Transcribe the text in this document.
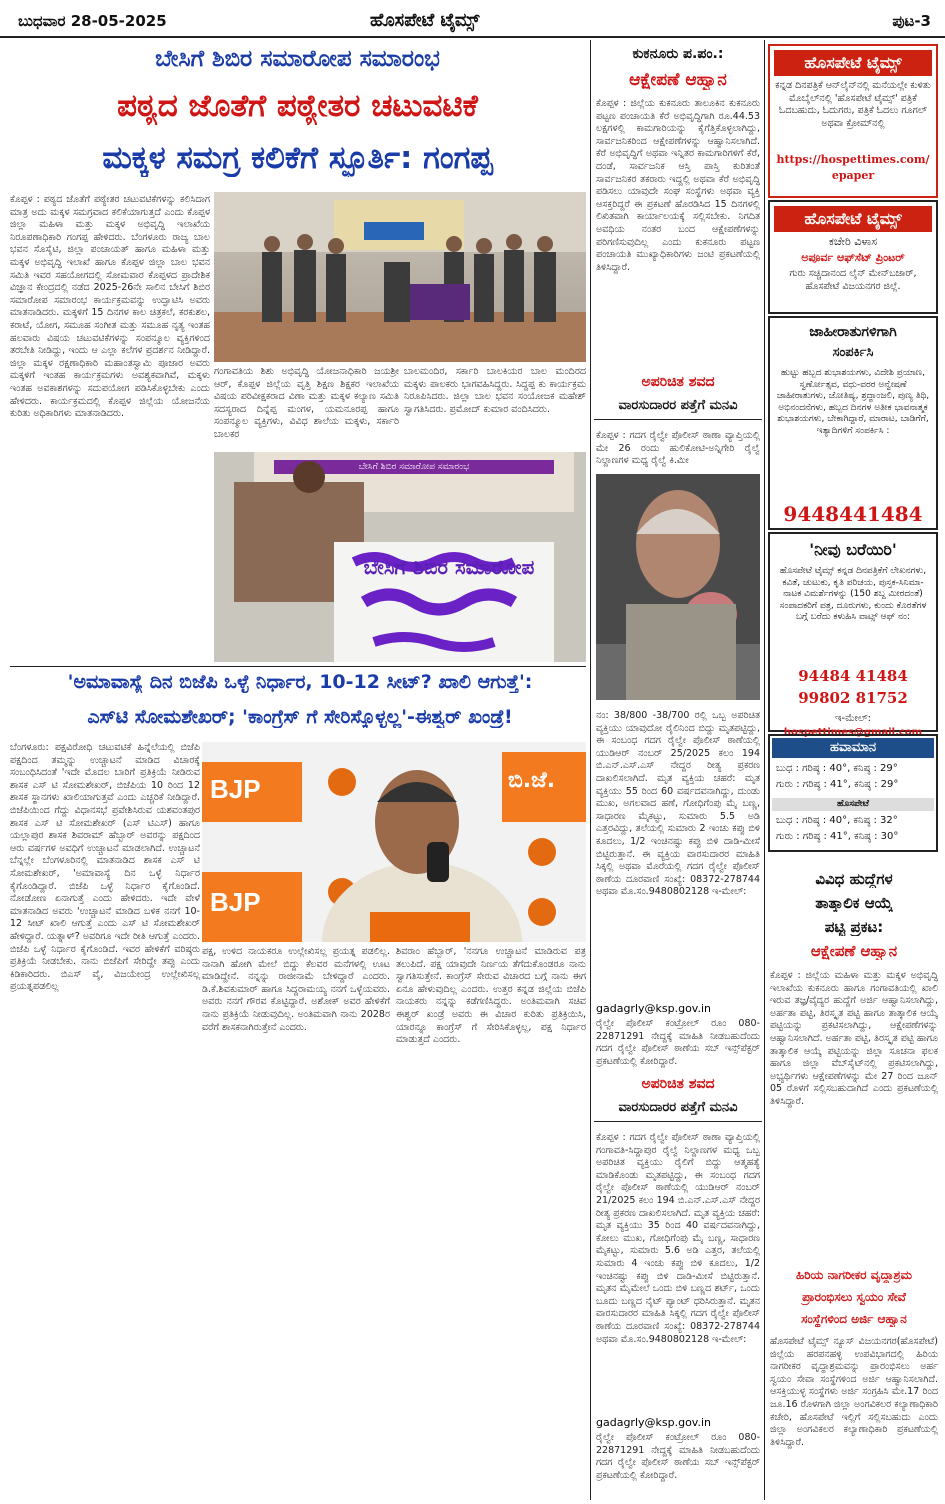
ಬುಧವಾರ 28-05-2025	ಹೊಸಪೇಟೆ ಟೈಮ್ಸ್	ಪುಟ-3
ಬೇಸಿಗೆ ಶಿಬಿರ ಸಮಾರೋಪ ಸಮಾರಂಭ
ಪಠ್ಯದ ಜೊತೆಗೆ ಪಠ್ಯೇತರ ಚಟುವಟಿಕೆ
ಮಕ್ಕಳ ಸಮಗ್ರ ಕಲಿಕೆಗೆ ಸ್ಫೂರ್ತಿ: ಗಂಗಪ್ಪ
ಕೊಪ್ಪಳ : ಪಠ್ಯದ ಜೊತೆಗೆ ಪಠ್ಯೇತರ ಚಟುವಟಿಕೆಗಳನ್ನು ಕಲಿಸಿದಾಗ ಮಾತ್ರ ಅದು ಮಕ್ಕಳ ಸಮಗ್ರವಾದ ಕಲಿಕೆಯಾಗುತ್ತದೆ ಎಂದು ಕೊಪ್ಪಳ ಜಿಲ್ಲಾ ಮಹಿಳಾ ಮತ್ತು ಮಕ್ಕಳ ಅಭಿವೃದ್ಧಿ ಇಲಾಖೆಯ ನಿರೂಪಣಾಧಿಕಾರಿ ಗಂಗಪ್ಪ ಹೇಳಿದರು. ಬೆಂಗಳೂರು ರಾಜ್ಯ ಬಾಲ ಭವನ ಸೊಸೈಟಿ, ಜಿಲ್ಲಾ ಪಂಚಾಯತ್ ಹಾಗೂ ಮಹಿಳಾ ಮತ್ತು ಮಕ್ಕಳ ಅಭಿವೃದ್ಧಿ ಇಲಾಖೆ ಹಾಗೂ ಕೊಪ್ಪಳ ಜಿಲ್ಲಾ ಬಾಲ ಭವನ ಸಮಿತಿ ಇವರ ಸಹಯೋಗದಲ್ಲಿ ಸೋಮವಾರ ಕೊಪ್ಪಳದ ಪ್ರಾದೇಶಿಕ ವಿಜ್ಞಾನ ಕೇಂದ್ರದಲ್ಲಿ ನಡೆದ 2025-26ನೇ ಸಾಲಿನ ಬೇಸಿಗೆ ಶಿಬಿರ ಸಮಾರೋಪ ಸಮಾರಂಭ ಕಾರ್ಯಕ್ರಮವನ್ನು ಉದ್ಘಾಟಿಸಿ ಅವರು ಮಾತನಾಡಿದರು. ಮಕ್ಕಳಿಗೆ 15 ದಿನಗಳ ಕಾಲ ಚಿತ್ರಕಲೆ, ಕರಕುಶಲ, ಕರಾಟೆ, ಯೋಗ, ಸಮೂಹ ಸಂಗೀತ ಮತ್ತು ಸಮೂಹ ನೃತ್ಯ ಇಂತಹ ಹಲವಾರು ವಿಷಯ ಚಟುವಟಿಕೆಗಳನ್ನು ಸಂಪನ್ಮೂಲ ವ್ಯಕ್ತಿಗಳಿಂದ ತರಬೇತಿ ನೀಡಿದ್ದು, ಇಂದು ಆ ಎಲ್ಲಾ ಕಲೆಗಳ ಪ್ರದರ್ಶನ ನೀಡಿದ್ದಾರೆ. ಜಿಲ್ಲಾ ಮಕ್ಕಳ ರಕ್ಷಣಾಧಿಕಾರಿ ಮಹಾಂತಸ್ವಾಮಿ ಪೂಜಾರ ಅವರು ಮಕ್ಕಳಿಗೆ ಇಂತಹ ಕಾರ್ಯಕ್ರಮಗಳು ಅವಶ್ಯಕವಾಗಿವೆ, ಮಕ್ಕಳು ಇಂತಹ ಅವಕಾಶಗಳನ್ನು ಸದುಪಯೋಗ ಪಡಿಸಿಕೊಳ್ಳಬೇಕು ಎಂದು ಹೇಳಿದರು. ಕಾರ್ಯಕ್ರಮದಲ್ಲಿ ಕೊಪ್ಪಳ ಜಿಲ್ಲೆಯ ಯೋಜನೆಯ ಕುರಿತು ಅಧಿಕಾರಿಗಳು ಮಾತನಾಡಿದರು.
ಗಂಗಾವತಿಯ ಶಿಶು ಅಭಿವೃದ್ಧಿ ಯೋಜನಾಧಿಕಾರಿ ಜಯಶ್ರೀ ಆರ್, ಕೊಪ್ಪಳ ಜಿಲ್ಲೆಯ ವೃತ್ತಿ ಶಿಕ್ಷಣ ಶಿಕ್ಷಕರ ಇಲಾಖೆಯ ವಿಷಯ ಪರಿವೀಕ್ಷಕರಾದ ವಿಣಾ ಮತ್ತು ಮಕ್ಕಳ ಕಲ್ಯಾಣ ಸಮಿತಿ ಸದಸ್ಯರಾದ ದಿನ್ನೆಪ್ಪ ಮಂಗಳ, ಯಮನೂರಪ್ಪ ಹಾಗೂ ಸಂಪನ್ಮೂಲ ವ್ಯಕ್ತಿಗಳು, ವಿವಿಧ ಶಾಲೆಯ ಮಕ್ಕಳು, ಸರ್ಕಾರಿ ಬಾಲಕರ
ಬಾಲಮಂದಿರ, ಸರ್ಕಾರಿ ಬಾಲಕಿಯರ ಬಾಲ ಮಂದಿರದ ಮಕ್ಕಳು ಪಾಲಕರು ಭಾಗವಹಿಸಿದ್ದರು. ಸಿದ್ದಪ್ಪ ಕು ಕಾರ್ಯಕ್ರಮ ನಿರೂಪಿಸಿದರು. ಜಿಲ್ಲಾ ಬಾಲ ಭವನ ಸಂಯೋಜಕ ಮಹೇಶ್ ಸ್ವಾಗತಿಸಿದರು. ಪ್ರಮೋದ್ ಕುಮಾರ ವಂದಿಸಿದರು.
ಬೇಸಿಗೆ ಶಿಬಿರ ಸಮಾರೋಪ
ಬೇಸಿಗೆ ಶಿಬಿರ ಸಮಾರೋಪ ಸಮಾರಂಭ
'ಅಮಾವಾಸ್ಯೆ ದಿನ ಬಿಜೆಪಿ ಒಳ್ಳೆ ನಿರ್ಧಾರ, 10-12 ಸೀಟ್? ಖಾಲಿ ಆಗುತ್ತೆ':
ಎಸ್‌ಟಿ ಸೋಮಶೇಖರ್; 'ಕಾಂಗ್ರೆಸ್ ಗೆ ಸೇರಿಸ್ಕೊಳ್ಳಲ್ಲ'-ಈಶ್ವರ್ ಖಂಡ್ರೆ!
ಬೆಂಗಳೂರು: ಪಕ್ಷವಿರೋಧಿ ಚಟುವಟಿಕೆ ಹಿನ್ನೆಲೆಯಲ್ಲಿ ಬಿಜೆಪಿ ಪಕ್ಷದಿಂದ ತಮ್ಮನ್ನು ಉಚ್ಚಾಟನೆ ಮಾಡಿದ ವಿಚಾರಕ್ಕೆ ಸಂಬಂಧಿಸಿದಂತೆ 'ಇದೇ ಮೊದಲ ಬಾರಿಗೆ ಪ್ರತಿಕ್ರಿಯೆ ನೀಡಿರುವ ಶಾಸಕ ಎಸ್ ಟಿ ಸೋಮಶೇಖರ್, ಬಿಜೆಪಿಯ 10 ರಿಂದ 12 ಶಾಸಕ ಸ್ಥಾನಗಳು ಖಾಲಿಯಾಗುತ್ತವೆ ಎಂದು ಎಚ್ಚರಿಕೆ ನೀಡಿದ್ದಾರೆ. ಬಿಜೆಪಿಯಿಂದ ಗೆದ್ದು ವಿಧಾನಸಭೆ ಪ್ರವೇಶಿಸಿರುವ ಯಶವಂತಪುರ ಶಾಸಕ ಎಸ್ ಟಿ ಸೋಮಶೇಖರ್ (ಎಸ್ ಟಿಎಸ್) ಹಾಗೂ ಯಲ್ಲಾಪುರ ಶಾಸಕ ಶಿವರಾಮ್ ಹೆಬ್ಬಾರ್ ಅವರನ್ನು ಪಕ್ಷದಿಂದ ಆರು ವರ್ಷಗಳ ಅವಧಿಗೆ ಉಚ್ಚಾಟನೆ ಮಾಡಲಾಗಿದೆ. ಉಚ್ಚಾಟನೆ ಬೆನ್ನಲ್ಲೇ ಬೆಂಗಳೂರಿನಲ್ಲಿ ಮಾತನಾಡಿದ ಶಾಸಕ ಎಸ್ ಟಿ ಸೋಮಶೇಖರ್, 'ಅಮಾವಾಸ್ಯೆ ದಿನ ಒಳ್ಳೆ ನಿರ್ಧಾರ ಕೈಗೊಂಡಿದ್ದಾರೆ. ಬಿಜೆಪಿ ಒಳ್ಳೆ ನಿರ್ಧಾರ ಕೈಗೊಂಡಿದೆ. ನೋಡೋಣ ಏನಾಗುತ್ತೆ ಎಂದು ಹೇಳಿದರು. ಇದೇ ವೇಳೆ ಮಾತನಾಡಿದ ಅವರು 'ಉಚ್ಚಾಟನೆ ಮಾಡಿದ ಬಳಿಕ ನನಗೆ 10-12 ಸೀಟ್ ಖಾಲಿ ಆಗುತ್ತೆ ಎಂದು ಎಸ್ ಟಿ ಸೋಮಶೇಖರ್ ಹೇಳಿದ್ದಾರೆ. ಯತ್ನಾಳ್? ಅವರಿಗೂ ಇದೇ ರೀತಿ ಆಗುತ್ತೆ ಎಂದರು. ಬಿಜೆಪಿ ಒಳ್ಳೆ ನಿರ್ಧಾರ ಕೈಗೊಂಡಿದೆ. ಇವರ ಹೇಳಿಕೆಗೆ ವರಿಷ್ಠರು ಪ್ರತಿಕ್ರಿಯೆ ನೀಡಬೇಕು. ನಾನು ಬಿಜೆಪಿಗೆ ಸೇರಿದ್ದೇ ತಪ್ಪು ಎಂದು ಕಿಡಿಕಾರಿದರು. ಬಿಎಸ್ ವೈ, ವಿಜಯೇಂದ್ರ ಉಲ್ಲೇಖಿಸಲ್ಲ ಪ್ರಯತ್ನಪಡಲಿಲ್ಲ
BJP
BJP
ಬಿ.ಜೆ.
ಪಕ್ಷ, ಉಳಿದ ನಾಯಕರೂ ಉಲ್ಲೇಖಿಸಲ್ಲ ಪ್ರಯತ್ನ ಪಡಲಿಲ್ಲ. ನಾನಾಗಿ ಹೋಗಿ ಮೇಲೆ ಬಿದ್ದು ಕೆಲವರ ಮನೆಗಳಲ್ಲಿ ಊಟ ಮಾಡಿದ್ದೇನೆ. ನನ್ನನ್ನು ರಾಜೀನಾಮೆ ಬೇಳಿದ್ದಾರೆ ಎಂದರು. ಡಿ.ಕೆ.ಶಿವಕುಮಾರ್ ಹಾಗೂ ಸಿದ್ದರಾಮಯ್ಯ ನನಗೆ ಒಳ್ಳೆಯವರು. ಅವರು ನನಗೆ ಗೌರವ ಕೊಟ್ಟಿದ್ದಾರೆ. ಅಶೋಕ್ ಅವರ ಹೇಳಿಕೆಗೆ ನಾನು ಪ್ರತಿಕ್ರಿಯೆ ನೀಡುವುದಿಲ್ಲ. ಅಂತಿಮವಾಗಿ ನಾನು 2028ರ ವರೆಗೆ ಶಾಸಕನಾಗಿರುತ್ತೇನೆ ಎಂದರು.
ಶಿವರಾಂ ಹೆಬ್ಬಾರ್, 'ನನಗೂ ಉಚ್ಚಾಟನೆ ಮಾಡಿರುವ ಪತ್ರ ತಲುಪಿದೆ. ಪಕ್ಷ ಯಾವುದೇ ನಿರ್ಣಯ ತೆಗೆದುಕೊಂಡರೂ ನಾನು ಸ್ವಾಗತಿಸುತ್ತೇನೆ. ಕಾಂಗ್ರೆಸ್ ಸೇರುವ ವಿಚಾರದ ಬಗ್ಗೆ ನಾನು ಈಗ ಏನೂ ಹೇಳುವುದಿಲ್ಲ ಎಂದರು. ಉತ್ತರ ಕನ್ನಡ ಜಿಲ್ಲೆಯ ಬಿಜೆಪಿ ನಾಯಕರು ನನ್ನನ್ನು ಕಡೆಗಣಿಸಿದ್ದರು. ಅಂತಿಮವಾಗಿ ಸಚಿವ ಈಶ್ವರ್ ಖಂಡ್ರೆ ಅವರು ಈ ವಿಚಾರ ಕುರಿತು ಪ್ರತಿಕ್ರಿಯಿಸಿ, ಯಾರನ್ನೂ ಕಾಂಗ್ರೆಸ್ ಗೆ ಸೇರಿಸಿಕೊಳ್ಳಲ್ಲ, ಪಕ್ಷ ನಿರ್ಧಾರ ಮಾಡುತ್ತದೆ ಎಂದರು.
ಕುಕನೂರು ಪ.ಪಂ.:
ಆಕ್ಷೇಪಣೆ ಆಹ್ವಾನ
ಕೊಪ್ಪಳ : ಜಿಲ್ಲೆಯ ಕುಕನೂರು ತಾಲೂಕಿನ ಕುಕನೂರು ಪಟ್ಟಣ ಪಂಚಾಯತಿ ಕೆರೆ ಅಭಿವೃದ್ಧಿಗಾಗಿ ರೂ.44.53 ಲಕ್ಷಗಳಲ್ಲಿ ಕಾಮಗಾರಿಯನ್ನು ಕೈಗೆತ್ತಿಕೊಳ್ಳಲಾಗಿದ್ದು, ಸಾರ್ವಜನಿಕರಿಂದ ಆಕ್ಷೇಪಣೆಗಳನ್ನು ಆಹ್ವಾನಿಸಲಾಗಿದೆ. ಕೆರೆ ಅಭಿವೃದ್ಧಿಗೆ ಅಥವಾ ಇನ್ನಿತರ ಕಾಮಗಾರಿಗಳಿಗೆ ಕೆರೆ, ದಂಡೆ, ಸಾರ್ವಜನಿಕ ಆಸ್ತಿ ಪಾಸ್ತಿ ಕುರಿತಂತೆ ಸಾರ್ವಜನಿಕರ ತಕರಾರು ಇದ್ದಲ್ಲಿ ಅಥವಾ ಕೆರೆ ಅಭಿವೃದ್ಧಿ ಪಡಿಸಲು ಯಾವುದೇ ಸಂಘ ಸಂಸ್ಥೆಗಳು ಅಥವಾ ವ್ಯಕ್ತಿ ಆಸಕ್ತರಿದ್ದರೆ ಈ ಪ್ರಕಟಣೆ ಹೊರಡಿಸಿದ 15 ದಿನಗಳಲ್ಲಿ ಲಿಖಿತವಾಗಿ ಕಾರ್ಯಾಲಯಕ್ಕೆ ಸಲ್ಲಿಸಬೇಕು. ನಿಗದಿತ ಅವಧಿಯ ನಂತರ ಬಂದ ಆಕ್ಷೇಪಣೆಗಳನ್ನು ಪರಿಗಣಿಸುವುದಿಲ್ಲ ಎಂದು ಕುಕನೂರು ಪಟ್ಟಣ ಪಂಚಾಯತಿ ಮುಖ್ಯಾಧಿಕಾರಿಗಳು ಜಂಟಿ ಪ್ರಕಟಣೆಯಲ್ಲಿ ತಿಳಿಸಿದ್ದಾರೆ.
ಅಪರಿಚಿತ ಶವದ
ವಾರಸುದಾರರ ಪತ್ತೆಗೆ ಮನವಿ
ಕೊಪ್ಪಳ : ಗದಗ ರೈಲ್ವೇ ಪೊಲೀಸ್ ಠಾಣಾ ವ್ಯಾಪ್ತಿಯಲ್ಲಿ ಮೇ 26 ರಂದು ಹುಲಿಕೋಟಿ-ಅನ್ನಿಗೇರಿ ರೈಲ್ವೆ ನಿಲ್ದಾಣಗಳ ಮಧ್ಯ ರೈಲ್ವೆ ಕಿ.ಮೀ
ನಂ: 38/800 -38/700 ರಲ್ಲಿ ಒಬ್ಬ ಅಪರಿಚಿತ ವ್ಯಕ್ತಿಯು ಯಾವುದೋ ರೈಲಿನಿಂದ ಬಿದ್ದು ಮೃತಪಟ್ಟಿದ್ದು, ಈ ಸಂಬಂಧ ಗದಗ ರೈಲ್ವೇ ಪೊಲೀಸ್ ಠಾಣೆಯಲ್ಲಿ ಯುಡಿಆರ್ ನಂಬರ್ 25/2025 ಕಲಂ 194 ಬಿ.ಎನ್.ಎಸ್.ಎಸ್ ನೇದ್ದರ ರೀತ್ಯ ಪ್ರಕರಣ ದಾಖಲಿಸಲಾಗಿದೆ. ಮೃತ ವ್ಯಕ್ತಿಯ ಚಹರೆ: ಮೃತ ವ್ಯಕ್ತಿಯು 55 ರಿಂದ 60 ವರ್ಷದವನಾಗಿದ್ದು, ದುಂಡು ಮುಖ, ಅಗಲವಾದ ಹಣೆ, ಗೋಧಿಗೆಂಪು ಮೈ ಬಣ್ಣ, ಸಾಧಾರಣ ಮೈಕಟ್ಟು, ಸುಮಾರು 5.5 ಅಡಿ ಎತ್ತರವಿದ್ದು, ತಲೆಯಲ್ಲಿ ಸುಮಾರು 2 ಇಂಚು ಕಪ್ಪು ಬಿಳಿ ಕೂದಲು, 1/2 ಇಂಚಿನಷ್ಟು ಕಪ್ಪು ಬಿಳಿ ದಾಡಿ-ಮೀಸೆ ಬಿಟ್ಟಿರುತ್ತಾನೆ. ಈ ವ್ಯಕ್ತಿಯ ವಾರಸುದಾರರ ಮಾಹಿತಿ ಸಿಕ್ಕಲ್ಲಿ ಅಥವಾ ಮೊರೆಯಲ್ಲಿ ಗದಗ ರೈಲ್ವೇ ಪೊಲೀಸ್ ಠಾಣೆಯ ದೂರವಾಣಿ ಸಂಖ್ಯೆ: 08372-278744 ಅಥವಾ ಮೊ.ಸಂ.9480802128 ಇ-ಮೇಲ್:
gadagrly@ksp.gov.in
ರೈಲ್ವೇ ಪೊಲೀಸ್ ಕಂಟ್ರೋಲ್ ರೂಂ 080-22871291 ನೇದ್ದಕ್ಕೆ ಮಾಹಿತಿ ನೀಡಬಹುದೆಂದು ಗದಗ ರೈಲ್ವೇ ಪೊಲೀಸ್ ಠಾಣೆಯ ಸಬ್ ಇನ್ಸ್‌ಪೆಕ್ಟರ್ ಪ್ರಕಟಣೆಯಲ್ಲಿ ಕೋರಿದ್ದಾರೆ.
ಅಪರಿಚಿತ ಶವದ
ವಾರಸುದಾರರ ಪತ್ತೆಗೆ ಮನವಿ
ಕೊಪ್ಪಳ : ಗದಗ ರೈಲ್ವೇ ಪೊಲೀಸ್ ಠಾಣಾ ವ್ಯಾಪ್ತಿಯಲ್ಲಿ ಗಂಗಾವತಿ-ಸಿದ್ದಾಪುರ ರೈಲ್ವೆ ನಿಲ್ದಾಣಗಳ ಮಧ್ಯ ಒಬ್ಬ ಅಪರಿಚಿತ ವ್ಯಕ್ತಿಯು ರೈಲಿಗೆ ಬಿದ್ದು ಆತ್ಮಹತ್ಯೆ ಮಾಡಿಕೊಂಡು ಮೃತಪಟ್ಟಿದ್ದು, ಈ ಸಂಬಂಧ ಗದಗ ರೈಲ್ವೇ ಪೊಲೀಸ್ ಠಾಣೆಯಲ್ಲಿ ಯುಡಿಆರ್ ನಂಬರ್ 21/2025 ಕಲಂ 194 ಬಿ.ಎನ್.ಎಸ್.ಎಸ್ ನೇದ್ದರ ರೀತ್ಯ ಪ್ರಕರಣ ದಾಖಲಿಸಲಾಗಿದೆ. ಮೃತ ವ್ಯಕ್ತಿಯ ಚಹರೆ: ಮೃತ ವ್ಯಕ್ತಿಯು 35 ರಿಂದ 40 ವರ್ಷದವನಾಗಿದ್ದು, ಕೋಲು ಮುಖ, ಗೋಧಿಗೆಂಪು ಮೈ ಬಣ್ಣ, ಸಾಧಾರಣ ಮೈಕಟ್ಟು, ಸುಮಾರು 5.6 ಅಡಿ ಎತ್ತರ, ತಲೆಯಲ್ಲಿ ಸುಮಾರು 4 ಇಂಚು ಕಪ್ಪು ಬಿಳಿ ಕೂದಲು, 1/2 ಇಂಚಿನಷ್ಟು ಕಪ್ಪು ಬಿಳಿ ದಾಡಿ-ಮೀಸೆ ಬಿಟ್ಟಿರುತ್ತಾನೆ. ಮೃತನ ಮೈಮೇಲೆ ಒಂದು ಬಿಳಿ ಬಣ್ಣದ ಶರ್ಟ್, ಒಂದು ಬೂದು ಬಣ್ಣದ ನೈಟ್ ಪ್ಯಾಂಟ್ ಧರಿಸಿರುತ್ತಾನೆ. ಮೃತನ ವಾರಸುದಾರರ ಮಾಹಿತಿ ಸಿಕ್ಕಲ್ಲಿ ಗದಗ ರೈಲ್ವೇ ಪೊಲೀಸ್ ಠಾಣೆಯ ದೂರವಾಣಿ ಸಂಖ್ಯೆ: 08372-278744 ಅಥವಾ ಮೊ.ಸಂ.9480802128 ಇ-ಮೇಲ್:
gadagrly@ksp.gov.in
ರೈಲ್ವೇ ಪೊಲೀಸ್ ಕಂಟ್ರೋಲ್ ರೂಂ 080-22871291 ನೇದ್ದಕ್ಕೆ ಮಾಹಿತಿ ನೀಡಬಹುದೆಂದು ಗದಗ ರೈಲ್ವೇ ಪೊಲೀಸ್ ಠಾಣೆಯ ಸಬ್ ಇನ್ಸ್‌ಪೆಕ್ಟರ್ ಪ್ರಕಟಣೆಯಲ್ಲಿ ಕೋರಿದ್ದಾರೆ.
ಹೊಸಪೇಟೆ ಟೈಮ್ಸ್
ಕನ್ನಡ ದಿನಪತ್ರಿಕೆ ಆನ್‌ಲೈನ್‌ನಲ್ಲಿ ಮನೆಯಲ್ಲೇ ಕುಳಿತು ಮೊಬೈಲ್‌ನಲ್ಲಿ 'ಹೊಸಪೇಟೆ ಟೈಮ್ಸ್' ಪತ್ರಿಕೆ ಓದಬಹುದು, ಓದುಗರು, ಪತ್ರಿಕೆ ಓದಲು ಗೂಗಲ್ ಅಥವಾ ಕ್ರೋಮ್‌ನಲ್ಲಿ
https://hospettimes.com/
epaper
ಹೊಸಪೇಟೆ ಟೈಮ್ಸ್
ಕಚೇರಿ ವಿಳಾಸ
ಅಪೂರ್ವ ಆಫ್‌ಸೆಟ್ ಪ್ರಿಂಟರ್
ಗುರು ಸಚ್ಚಿದಾನಂದ ಲೈನ್ ಮೇನ್‌ಬಜಾರ್, ಹೊಸಪೇಟೆ ವಿಜಯನಗರ ಜಿಲ್ಲೆ.
ಜಾಹೀರಾತುಗಳಿಗಾಗಿ
ಸಂಪರ್ಕಿಸಿ
ಹುಟ್ಟು ಹಬ್ಬದ ಶುಭಾಶಯಗಳು, ವಿದೇಶಿ ಪ್ರಯಾಣ, ಸ್ವರ್ಣೋತ್ಸವ, ವಧು-ವರರ ಅನ್ವೇಷಣೆ ಜಾಹೀರಾತುಗಳು, ಜೋತಿಷ್ಯ, ಶ್ರದ್ಧಾಂಜಲಿ, ಪುಣ್ಯ ತಿಥಿ, ಅಭಿನಂದನೆಗಳು, ಹಬ್ಬದ ದಿನಗಳ ಅತೀಕ ಭಾವನಾತ್ಮಕ ಶುಭಾಶಯಗಳು, ಬೇಕಾಗಿದ್ದಾರೆ, ಮಾರಾಟ, ಬಾಡಿಗೆಗೆ, ಇತ್ಯಾದಿಗಳಿಗೆ ಸಂಪರ್ಕಿಸಿ :
9448441484
'ನೀವು ಬರೆಯಿರಿ'
ಹೊಸಪೇಟೆ ಟೈಮ್ಸ್ ಕನ್ನಡ ದಿನಪತ್ರಿಕೆಗೆ ಲೇಖನಗಳು, ಕವಿತೆ, ಚುಟುಕು, ಕೃತಿ ಪರಿಚಯ, ಪುಸ್ತಕ-ಸಿನಿಮಾ-ನಾಟಕ ವಿಮರ್ಶೆಗಳನ್ನು (150 ಶಬ್ದ ಮೀರದಂತೆ) ಸಂಪಾದಕರಿಗೆ ಪತ್ರ, ದೂರುಗಳು, ಕುಂದು ಕೊರತೆಗಳ ಬಗ್ಗೆ ಬರೆದು ಕಳುಹಿಸಿ ವಾಟ್ಸ್ ಆಫ್ ನಂ:
94484 41484
99802 81752
ಇ-ಮೇಲ್: hospettimes@gmail.com
ಹವಾಮಾನ
ಬುಧ : ಗರಿಷ್ಠ : 40°, ಕನಿಷ್ಠ : 29°
ಗುರು : ಗರಿಷ್ಠ : 41°, ಕನಿಷ್ಠ : 29°
ಹೊಸಪೇಟೆ
ಬುಧ : ಗರಿಷ್ಠ : 40°, ಕನಿಷ್ಠ : 32°
ಗುರು : ಗರಿಷ್ಠ : 41°, ಕನಿಷ್ಠ : 30°
ವಿವಿಧ ಹುದ್ದೆಗಳ
ತಾತ್ಕಾಲಿಕ ಆಯ್ಕೆ
ಪಟ್ಟಿ ಪ್ರಕಟ:
ಆಕ್ಷೇಪಣೆ ಆಹ್ವಾನ
ಕೊಪ್ಪಳ : ಜಿಲ್ಲೆಯ ಮಹಿಳಾ ಮತ್ತು ಮಕ್ಕಳ ಅಭಿವೃದ್ಧಿ ಇಲಾಖೆಯ ಕುಕನೂರು ಹಾಗೂ ಗಂಗಾವತಿಯಲ್ಲಿ ಖಾಲಿ ಇರುವ ತಜ್ಞ/ವೈದ್ಯರ ಹುದ್ದೆಗೆ ಅರ್ಜಿ ಆಹ್ವಾನಿಸಲಾಗಿದ್ದು, ಅರ್ಹತಾ ಪಟ್ಟಿ, ತಿರಸ್ಕೃತ ಪಟ್ಟಿ ಹಾಗೂ ತಾತ್ಕಾಲಿಕ ಆಯ್ಕೆ ಪಟ್ಟಿಯನ್ನು ಪ್ರಕಟಿಸಲಾಗಿದ್ದು, ಆಕ್ಷೇಪಣೆಗಳನ್ನು ಆಹ್ವಾನಿಸಲಾಗಿದೆ. ಅರ್ಹತಾ ಪಟ್ಟಿ, ತಿರಸ್ಕೃತ ಪಟ್ಟಿ ಹಾಗೂ ತಾತ್ಕಾಲಿಕ ಆಯ್ಕೆ ಪಟ್ಟಿಯನ್ನು ಜಿಲ್ಲಾ ಸೂಚನಾ ಫಲಕ ಹಾಗೂ ಜಿಲ್ಲಾ ವೆಬ್‌ಸೈಟ್‌ನಲ್ಲಿ ಪ್ರಕಟಿಸಲಾಗಿದ್ದು, ಅಭ್ಯರ್ಥಿಗಳು ಆಕ್ಷೇಪಣೆಗಳನ್ನು ಮೇ 27 ರಿಂದ ಜೂನ್ 05 ರೊಳಗೆ ಸಲ್ಲಿಸಬಹುದಾಗಿದೆ ಎಂದು ಪ್ರಕಟಣೆಯಲ್ಲಿ ತಿಳಿಸಿದ್ದಾರೆ.
ಹಿರಿಯ ನಾಗರೀಕರ ವೃದ್ಧಾಶ್ರಮ
ಪ್ರಾರಂಭಿಸಲು ಸ್ವಯಂ ಸೇವೆ
ಸಂಸ್ಥೆಗಳಿಂದ ಅರ್ಜಿ ಆಹ್ವಾನ
ಹೊಸಪೇಟೆ ಟೈಮ್ಸ್ ನ್ಯೂಸ್ ವಿಜಯನಗರ(ಹೊಸಪೇಟೆ) ಜಿಲ್ಲೆಯ ಹರಪನಹಳ್ಳಿ ಉಪವಿಭಾಗದಲ್ಲಿ ಹಿರಿಯ ನಾಗರೀಕರ ವೃದ್ಧಾಶ್ರಮವನ್ನು ಪ್ರಾರಂಭಿಸಲು ಅರ್ಹ ಸ್ವಯಂ ಸೇವಾ ಸಂಸ್ಥೆಗಳಿಂದ ಅರ್ಜಿ ಆಹ್ವಾನಿಸಲಾಗಿದೆ. ಆಸಕ್ತಿಯುಳ್ಳ ಸಂಸ್ಥೆಗಳು ಅರ್ಜಿ ಸಂಗ್ರಹಿಸಿ ಮೇ.17 ರಿಂದ ಜೂ.16 ರೊಳಗಾಗಿ ಜಿಲ್ಲಾ ಅಂಗವಿಕಲರ ಕಲ್ಯಾಣಾಧಿಕಾರಿ ಕಚೇರಿ, ಹೊಸಪೇಟೆ ಇಲ್ಲಿಗೆ ಸಲ್ಲಿಸಬಹುದು ಎಂದು ಜಿಲ್ಲಾ ಅಂಗವಿಕಲರ ಕಲ್ಯಾಣಾಧಿಕಾರಿ ಪ್ರಕಟಣೆಯಲ್ಲಿ ತಿಳಿಸಿದ್ದಾರೆ.
